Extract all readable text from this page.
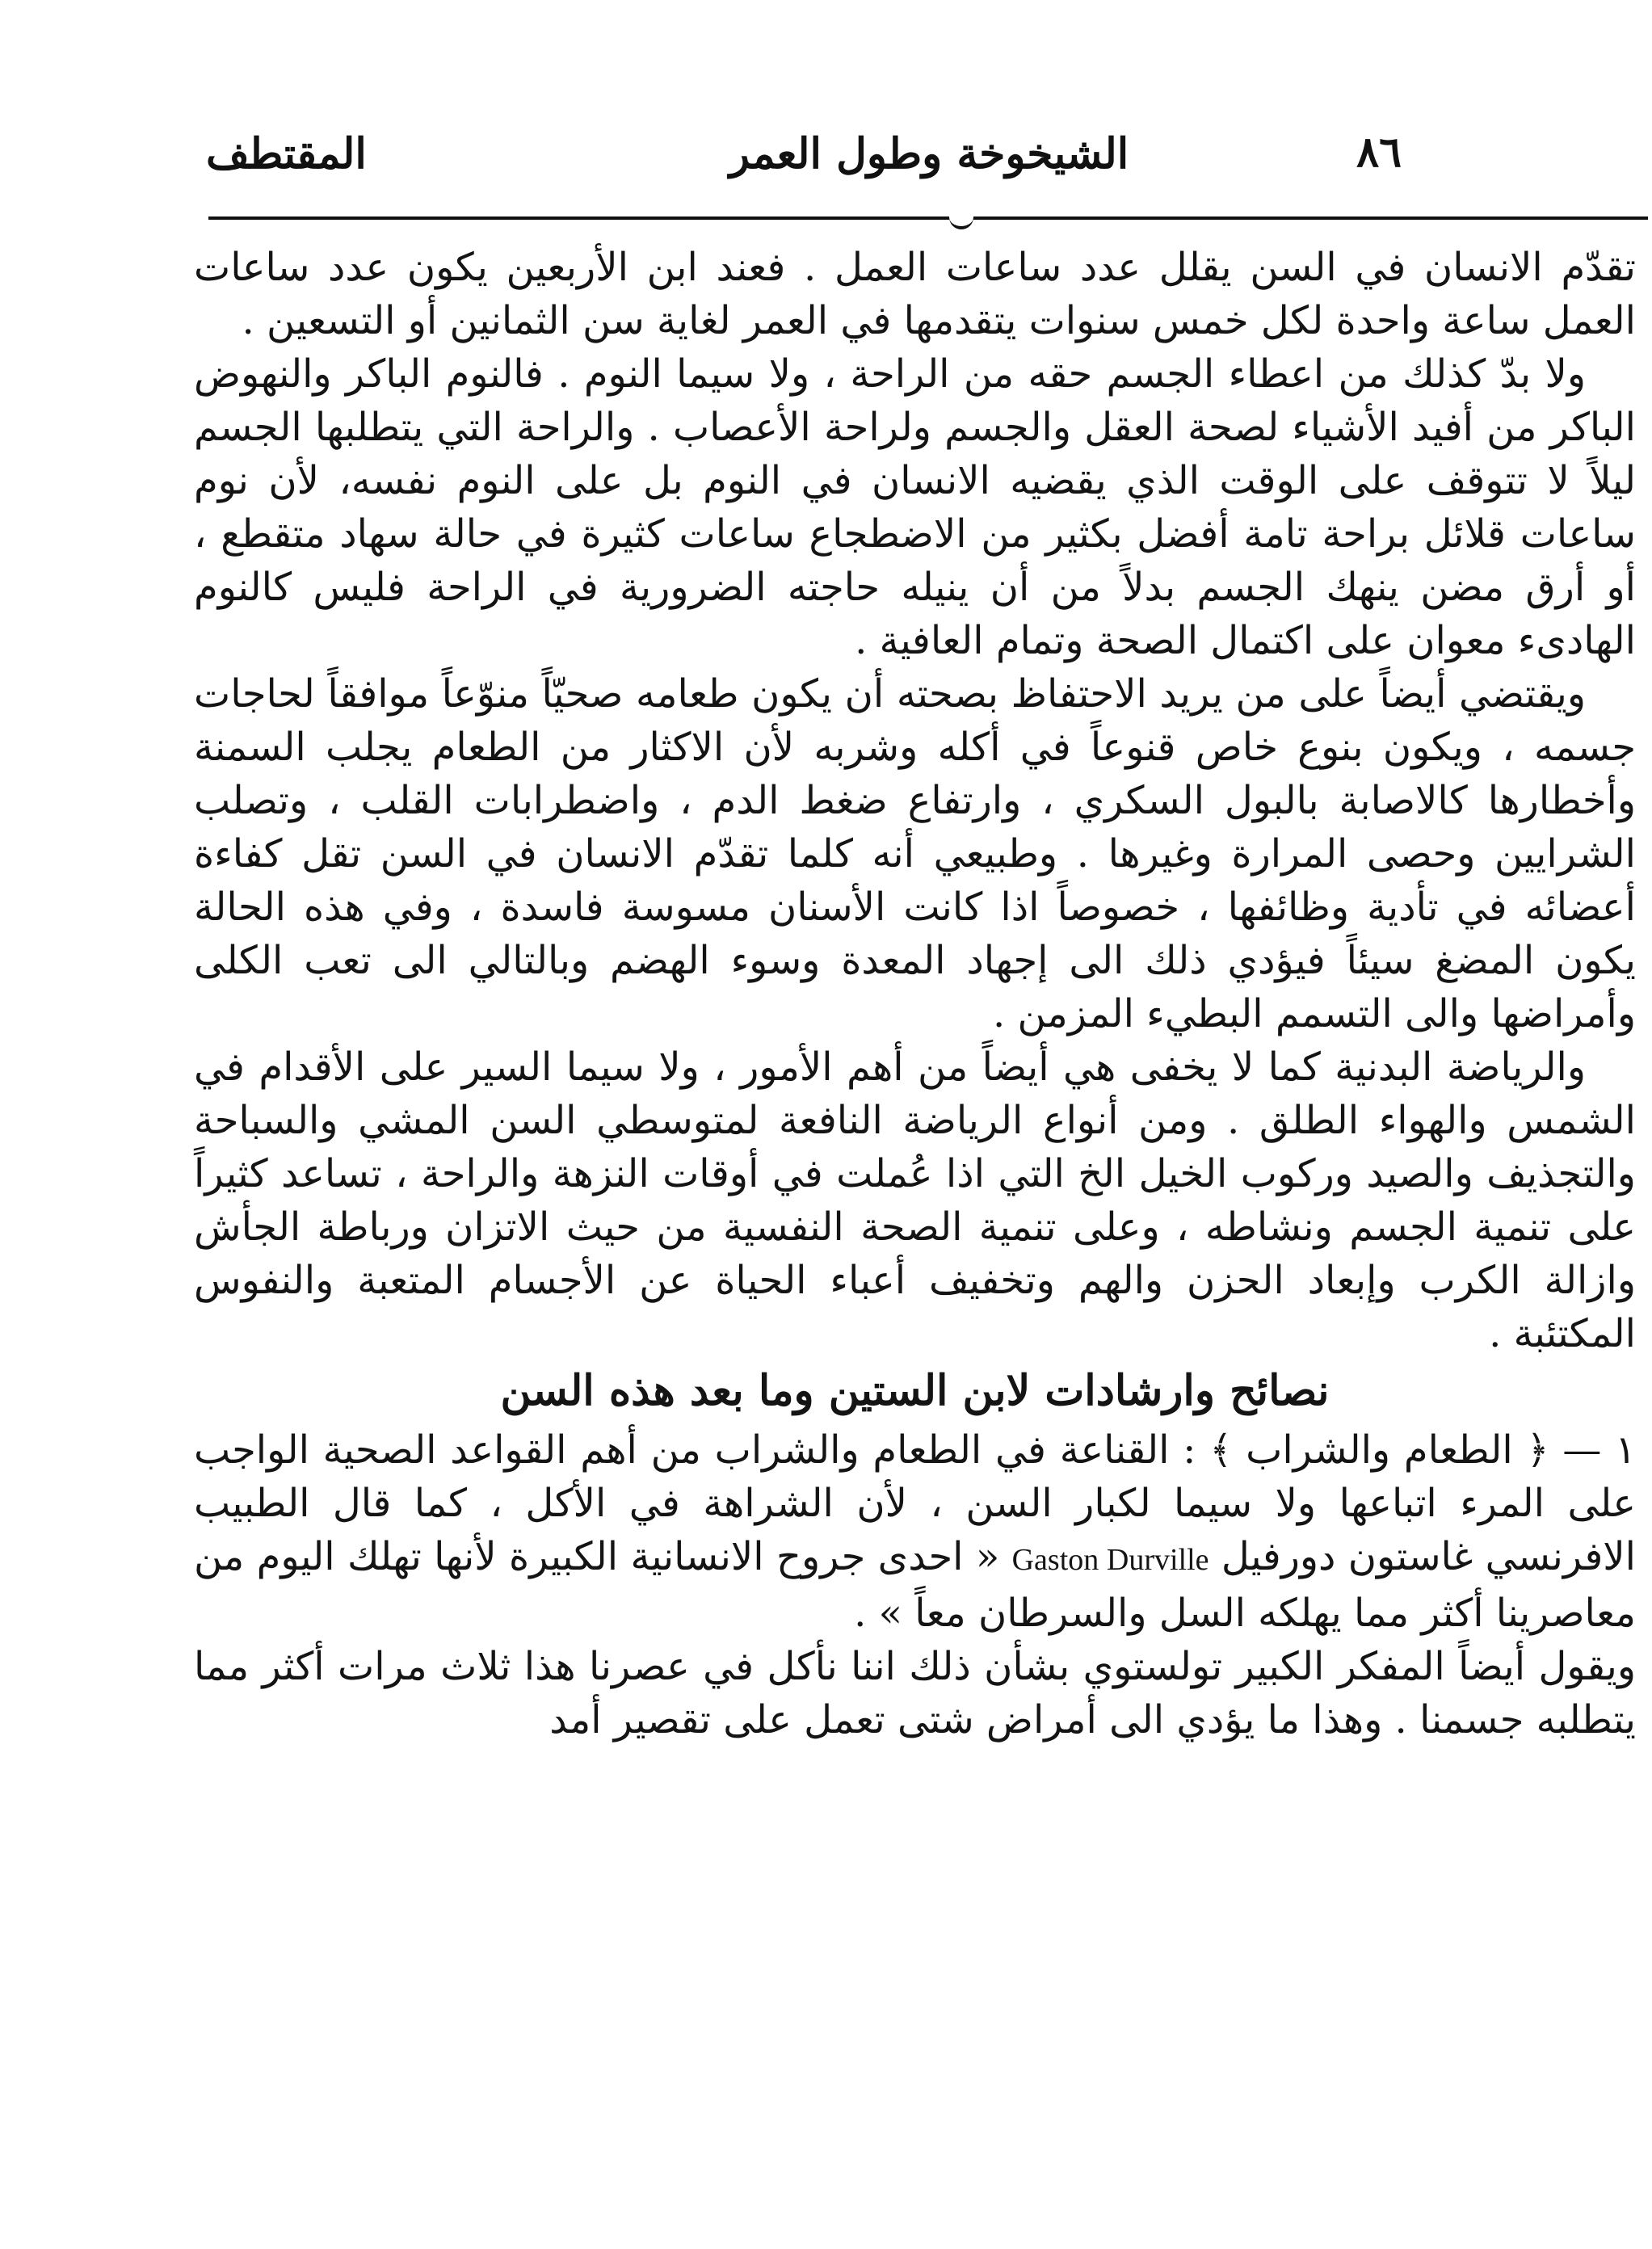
٨٦
الشيخوخة وطول العمر
المقتطف

تقدّم الانسان في السن يقلل عدد ساعات العمل . فعند ابن الأربعين يكون عدد ساعات العمل ساعة واحدة لكل خمس سنوات يتقدمها في العمر لغاية سن الثمانين أو التسعين .

ولا بدّ كذلك من اعطاء الجسم حقه من الراحة ، ولا سيما النوم . فالنوم الباكر والنهوض الباكر من أفيد الأشياء لصحة العقل والجسم ولراحة الأعصاب . والراحة التي يتطلبها الجسم ليلاً لا تتوقف على الوقت الذي يقضيه الانسان في النوم بل على النوم نفسه، لأن نوم ساعات قلائل براحة تامة أفضل بكثير من الاضطجاع ساعات كثيرة في حالة سهاد متقطع ، أو أرق مضن ينهك الجسم بدلاً من أن ينيله حاجته الضرورية في الراحة فليس كالنوم الهادىء معوان على اكتمال الصحة وتمام العافية .

ويقتضي أيضاً على من يريد الاحتفاظ بصحته أن يكون طعامه صحيّاً منوّعاً موافقاً لحاجات جسمه ، ويكون بنوع خاص قنوعاً في أكله وشربه لأن الاكثار من الطعام يجلب السمنة وأخطارها كالاصابة بالبول السكري ، وارتفاع ضغط الدم ، واضطرابات القلب ، وتصلب الشرايين وحصى المرارة وغيرها . وطبيعي أنه كلما تقدّم الانسان في السن تقل كفاءة أعضائه في تأدية وظائفها ، خصوصاً اذا كانت الأسنان مسوسة فاسدة ، وفي هذه الحالة يكون المضغ سيئاً فيؤدي ذلك الى إجهاد المعدة وسوء الهضم وبالتالي الى تعب الكلى وأمراضها والى التسمم البطيء المزمن .

والرياضة البدنية كما لا يخفى هي أيضاً من أهم الأمور ، ولا سيما السير على الأقدام في الشمس والهواء الطلق . ومن أنواع الرياضة النافعة لمتوسطي السن المشي والسباحة والتجذيف والصيد وركوب الخيل الخ التي اذا عُملت في أوقات النزهة والراحة ، تساعد كثيراً على تنمية الجسم ونشاطه ، وعلى تنمية الصحة النفسية من حيث الاتزان ورباطة الجأش وازالة الكرب وإبعاد الحزن والهم وتخفيف أعباء الحياة عن الأجسام المتعبة والنفوس المكتئبة .

نصائح وارشادات لابن الستين وما بعد هذه السن

١ — ﴿ الطعام والشراب ﴾ : القناعة في الطعام والشراب من أهم القواعد الصحية الواجب على المرء اتباعها ولا سيما لكبار السن ، لأن الشراهة في الأكل ، كما قال الطبيب الافرنسي غاستون دورفيل Gaston Durville « احدى جروح الانسانية الكبيرة لأنها تهلك اليوم من معاصرينا أكثر مما يهلكه السل والسرطان معاً » .

ويقول أيضاً المفكر الكبير تولستوي بشأن ذلك اننا نأكل في عصرنا هذا ثلاث مرات أكثر مما يتطلبه جسمنا . وهذا ما يؤدي الى أمراض شتى تعمل على تقصير أمد
